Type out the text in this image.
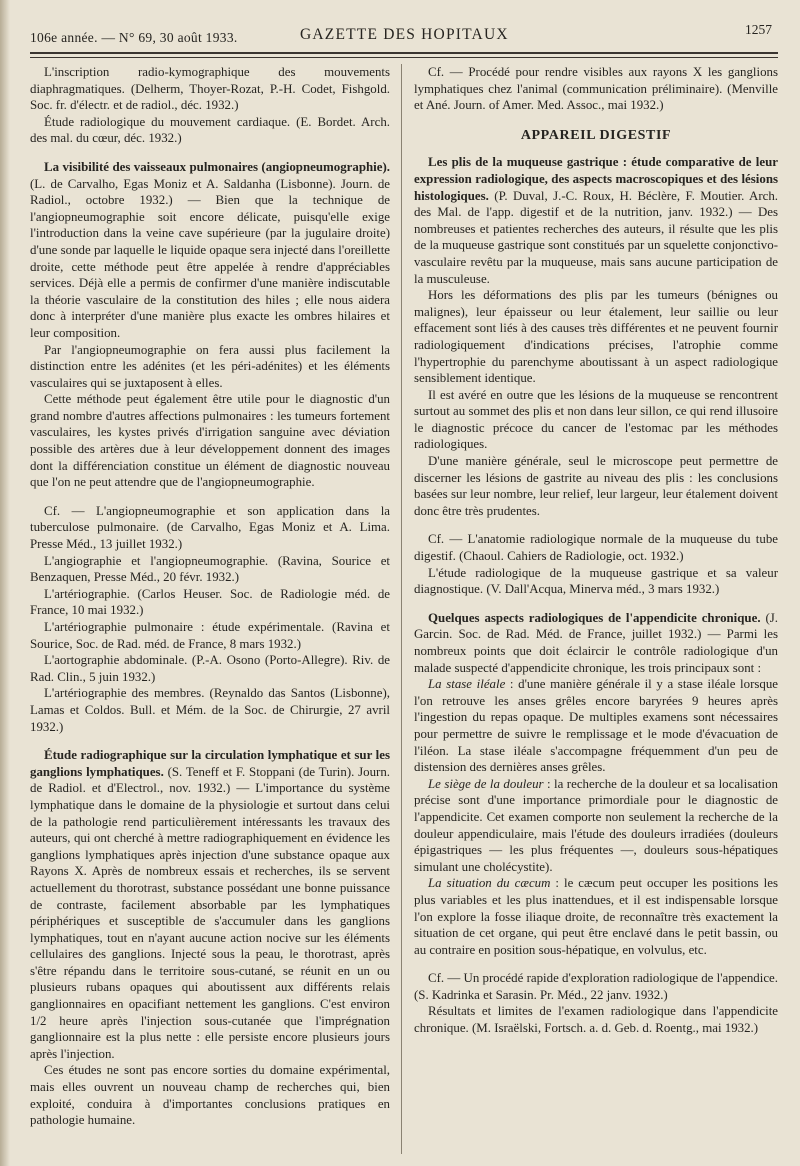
106e année. — N° 69, 30 août 1933.	GAZETTE DES HOPITAUX	1257

L'inscription radio-kymographique des mouvements diaphragmatiques. (Delherm, Thoyer-Rozat, P.-H. Codet, Fishgold. Soc. fr. d'électr. et de radiol., déc. 1932.)

Étude radiologique du mouvement cardiaque. (E. Bordet. Arch. des mal. du cœur, déc. 1932.)

La visibilité des vaisseaux pulmonaires (angiopneumographie). (L. de Carvalho, Egas Moniz et A. Saldanha (Lisbonne). Journ. de Radiol., octobre 1932.) — Bien que la technique de l'angiopneumographie soit encore délicate, puisqu'elle exige l'introduction dans la veine cave supérieure (par la jugulaire droite) d'une sonde par laquelle le liquide opaque sera injecté dans l'oreillette droite, cette méthode peut être appelée à rendre d'appréciables services. Déjà elle a permis de confirmer d'une manière indiscutable la théorie vasculaire de la constitution des hiles ; elle nous aidera donc à interpréter d'une manière plus exacte les ombres hilaires et leur composition.

Par l'angiopneumographie on fera aussi plus facilement la distinction entre les adénites (et les péri-adénites) et les éléments vasculaires qui se juxtaposent à elles.

Cette méthode peut également être utile pour le diagnostic d'un grand nombre d'autres affections pulmonaires : les tumeurs fortement vasculaires, les kystes privés d'irrigation sanguine avec déviation possible des artères due à leur développement donnent des images dont la différenciation constitue un élément de diagnostic nouveau que l'on ne peut attendre que de l'angiopneumographie.

Cf. — L'angiopneumographie et son application dans la tuberculose pulmonaire. (de Carvalho, Egas Moniz et A. Lima. Presse Méd., 13 juillet 1932.)

L'angiographie et l'angiopneumographie. (Ravina, Sourice et Benzaquen, Presse Méd., 20 févr. 1932.)

L'artériographie. (Carlos Heuser. Soc. de Radiologie méd. de France, 10 mai 1932.)

L'artériographie pulmonaire : étude expérimentale. (Ravina et Sourice, Soc. de Rad. méd. de France, 8 mars 1932.)

L'aortographie abdominale. (P.-A. Osono (Porto-Allegre). Riv. de Rad. Clin., 5 juin 1932.)

L'artériographie des membres. (Reynaldo das Santos (Lisbonne), Lamas et Coldos. Bull. et Mém. de la Soc. de Chirurgie, 27 avril 1932.)

Étude radiographique sur la circulation lymphatique et sur les ganglions lymphatiques. (S. Teneff et F. Stoppani (de Turin). Journ. de Radiol. et d'Electrol., nov. 1932.) — L'importance du système lymphatique dans le domaine de la physiologie et surtout dans celui de la pathologie rend particulièrement intéressants les travaux des auteurs, qui ont cherché à mettre radiographiquement en évidence les ganglions lymphatiques après injection d'une substance opaque aux Rayons X. Après de nombreux essais et recherches, ils se servent actuellement du thorotrast, substance possédant une bonne puissance de contraste, facilement absorbable par les lymphatiques périphériques et susceptible de s'accumuler dans les ganglions lymphatiques, tout en n'ayant aucune action nocive sur les éléments cellulaires des ganglions. Injecté sous la peau, le thorotrast, après s'être répandu dans le territoire sous-cutané, se réunit en un ou plusieurs rubans opaques qui aboutissent aux différents relais ganglionnaires en opacifiant nettement les ganglions. C'est environ 1/2 heure après l'injection sous-cutanée que l'imprégnation ganglionnaire est la plus nette : elle persiste encore plusieurs jours après l'injection.

Ces études ne sont pas encore sorties du domaine expérimental, mais elles ouvrent un nouveau champ de recherches qui, bien exploité, conduira à d'importantes conclusions pratiques en pathologie humaine.

Cf. — Procédé pour rendre visibles aux rayons X les ganglions lymphatiques chez l'animal (communication préliminaire). (Menville et Ané. Journ. of Amer. Med. Assoc., mai 1932.)

APPAREIL DIGESTIF

Les plis de la muqueuse gastrique : étude comparative de leur expression radiologique, des aspects macroscopiques et des lésions histologiques. (P. Duval, J.-C. Roux, H. Béclère, F. Moutier. Arch. des Mal. de l'app. digestif et de la nutrition, janv. 1932.) — Des nombreuses et patientes recherches des auteurs, il résulte que les plis de la muqueuse gastrique sont constitués par un squelette conjonctivo-vasculaire revêtu par la muqueuse, mais sans aucune participation de la musculeuse.

Hors les déformations des plis par les tumeurs (bénignes ou malignes), leur épaisseur ou leur étalement, leur saillie ou leur effacement sont liés à des causes très différentes et ne peuvent fournir radiologiquement d'indications précises, l'atrophie comme l'hypertrophie du parenchyme aboutissant à un aspect radiologique sensiblement identique.

Il est avéré en outre que les lésions de la muqueuse se rencontrent surtout au sommet des plis et non dans leur sillon, ce qui rend illusoire le diagnostic précoce du cancer de l'estomac par les méthodes radiologiques.

D'une manière générale, seul le microscope peut permettre de discerner les lésions de gastrite au niveau des plis : les conclusions basées sur leur nombre, leur relief, leur largeur, leur étalement doivent donc être très prudentes.

Cf. — L'anatomie radiologique normale de la muqueuse du tube digestif. (Chaoul. Cahiers de Radiologie, oct. 1932.)

L'étude radiologique de la muqueuse gastrique et sa valeur diagnostique. (V. Dall'Acqua, Minerva méd., 3 mars 1932.)

Quelques aspects radiologiques de l'appendicite chronique. (J. Garcin. Soc. de Rad. Méd. de France, juillet 1932.) — Parmi les nombreux points que doit éclaircir le contrôle radiologique d'un malade suspecté d'appendicite chronique, les trois principaux sont :

La stase iléale : d'une manière générale il y a stase iléale lorsque l'on retrouve les anses grêles encore baryrées 9 heures après l'ingestion du repas opaque. De multiples examens sont nécessaires pour permettre de suivre le remplissage et le mode d'évacuation de l'iléon. La stase iléale s'accompagne fréquemment d'un peu de distension des dernières anses grêles.

Le siège de la douleur : la recherche de la douleur et sa localisation précise sont d'une importance primordiale pour le diagnostic de l'appendicite. Cet examen comporte non seulement la recherche de la douleur appendiculaire, mais l'étude des douleurs irradiées (douleurs épigastriques — les plus fréquentes —, douleurs sous-hépatiques simulant une cholécystite).

La situation du cæcum : le cæcum peut occuper les positions les plus variables et les plus inattendues, et il est indispensable lorsque l'on explore la fosse iliaque droite, de reconnaître très exactement la situation de cet organe, qui peut être enclavé dans le petit bassin, ou au contraire en position sous-hépatique, en volvulus, etc.

Cf. — Un procédé rapide d'exploration radiologique de l'appendice. (S. Kadrinka et Sarasin. Pr. Méd., 22 janv. 1932.)

Résultats et limites de l'examen radiologique dans l'appendicite chronique. (M. Israëlski, Fortsch. a. d. Geb. d. Roentg., mai 1932.)
